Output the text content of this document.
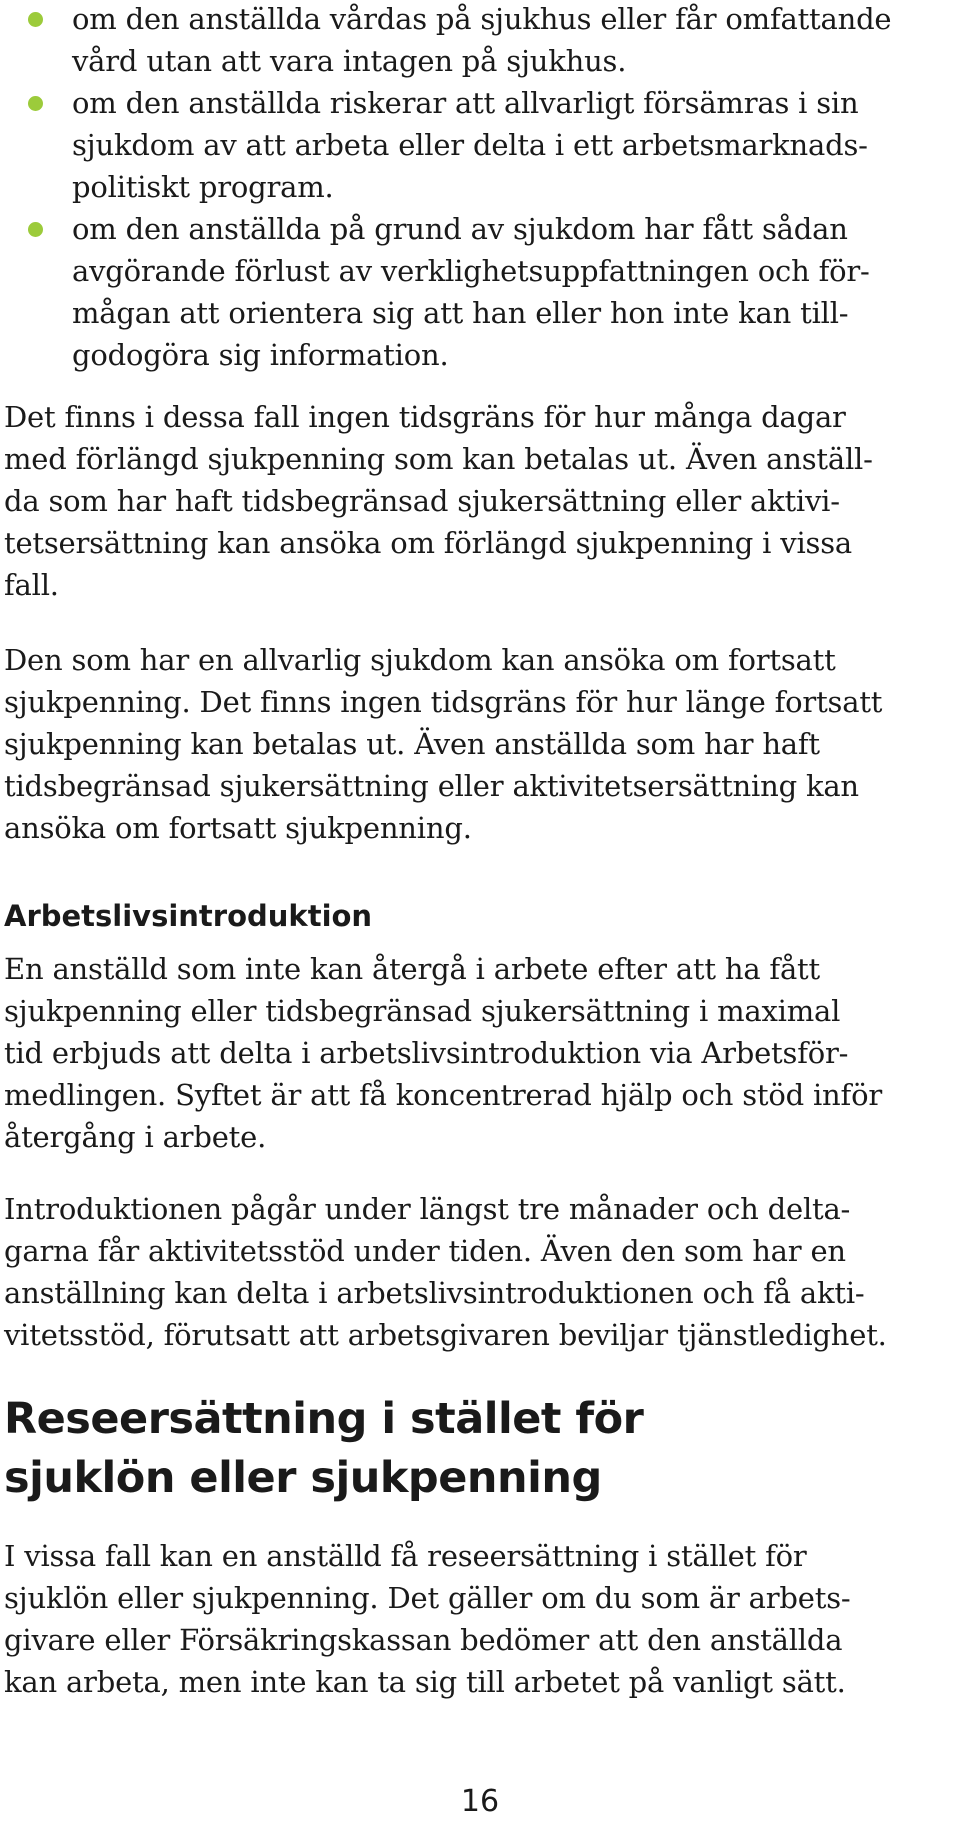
om den anställda vårdas på sjukhus eller får omfattande
vård utan att vara intagen på sjukhus.
om den anställda riskerar att allvarligt försämras i sin
sjukdom av att arbeta eller delta i ett arbetsmarknads-
politiskt program.
om den anställda på grund av sjukdom har fått sådan
avgörande förlust av verklighetsuppfattningen och för-
mågan att orientera sig att han eller hon inte kan till-
godogöra sig information.

Det finns i dessa fall ingen tidsgräns för hur många dagar
med förlängd sjukpenning som kan betalas ut. Även anställ-
da som har haft tidsbegränsad sjukersättning eller aktivi-
tetsersättning kan ansöka om förlängd sjukpenning i vissa
fall.

Den som har en allvarlig sjukdom kan ansöka om fortsatt
sjukpenning. Det finns ingen tidsgräns för hur länge fortsatt
sjukpenning kan betalas ut. Även anställda som har haft
tidsbegränsad sjukersättning eller aktivitetsersättning kan
ansöka om fortsatt sjukpenning.

Arbetslivsintroduktion

En anställd som inte kan återgå i arbete efter att ha fått
sjukpenning eller tidsbegränsad sjukersättning i maximal
tid erbjuds att delta i arbetslivsintroduktion via Arbetsför-
medlingen. Syftet är att få koncentrerad hjälp och stöd inför
återgång i arbete.

Introduktionen pågår under längst tre månader och delta-
garna får aktivitetsstöd under tiden. Även den som har en
anställning kan delta i arbetslivsintroduktionen och få akti-
vitetsstöd, förutsatt att arbetsgivaren beviljar tjänstledighet.

Reseersättning i stället för
sjuklön eller sjukpenning

I vissa fall kan en anställd få reseersättning i stället för
sjuklön eller sjukpenning. Det gäller om du som är arbets-
givare eller Försäkringskassan bedömer att den anställda
kan arbeta, men inte kan ta sig till arbetet på vanligt sätt.

16
